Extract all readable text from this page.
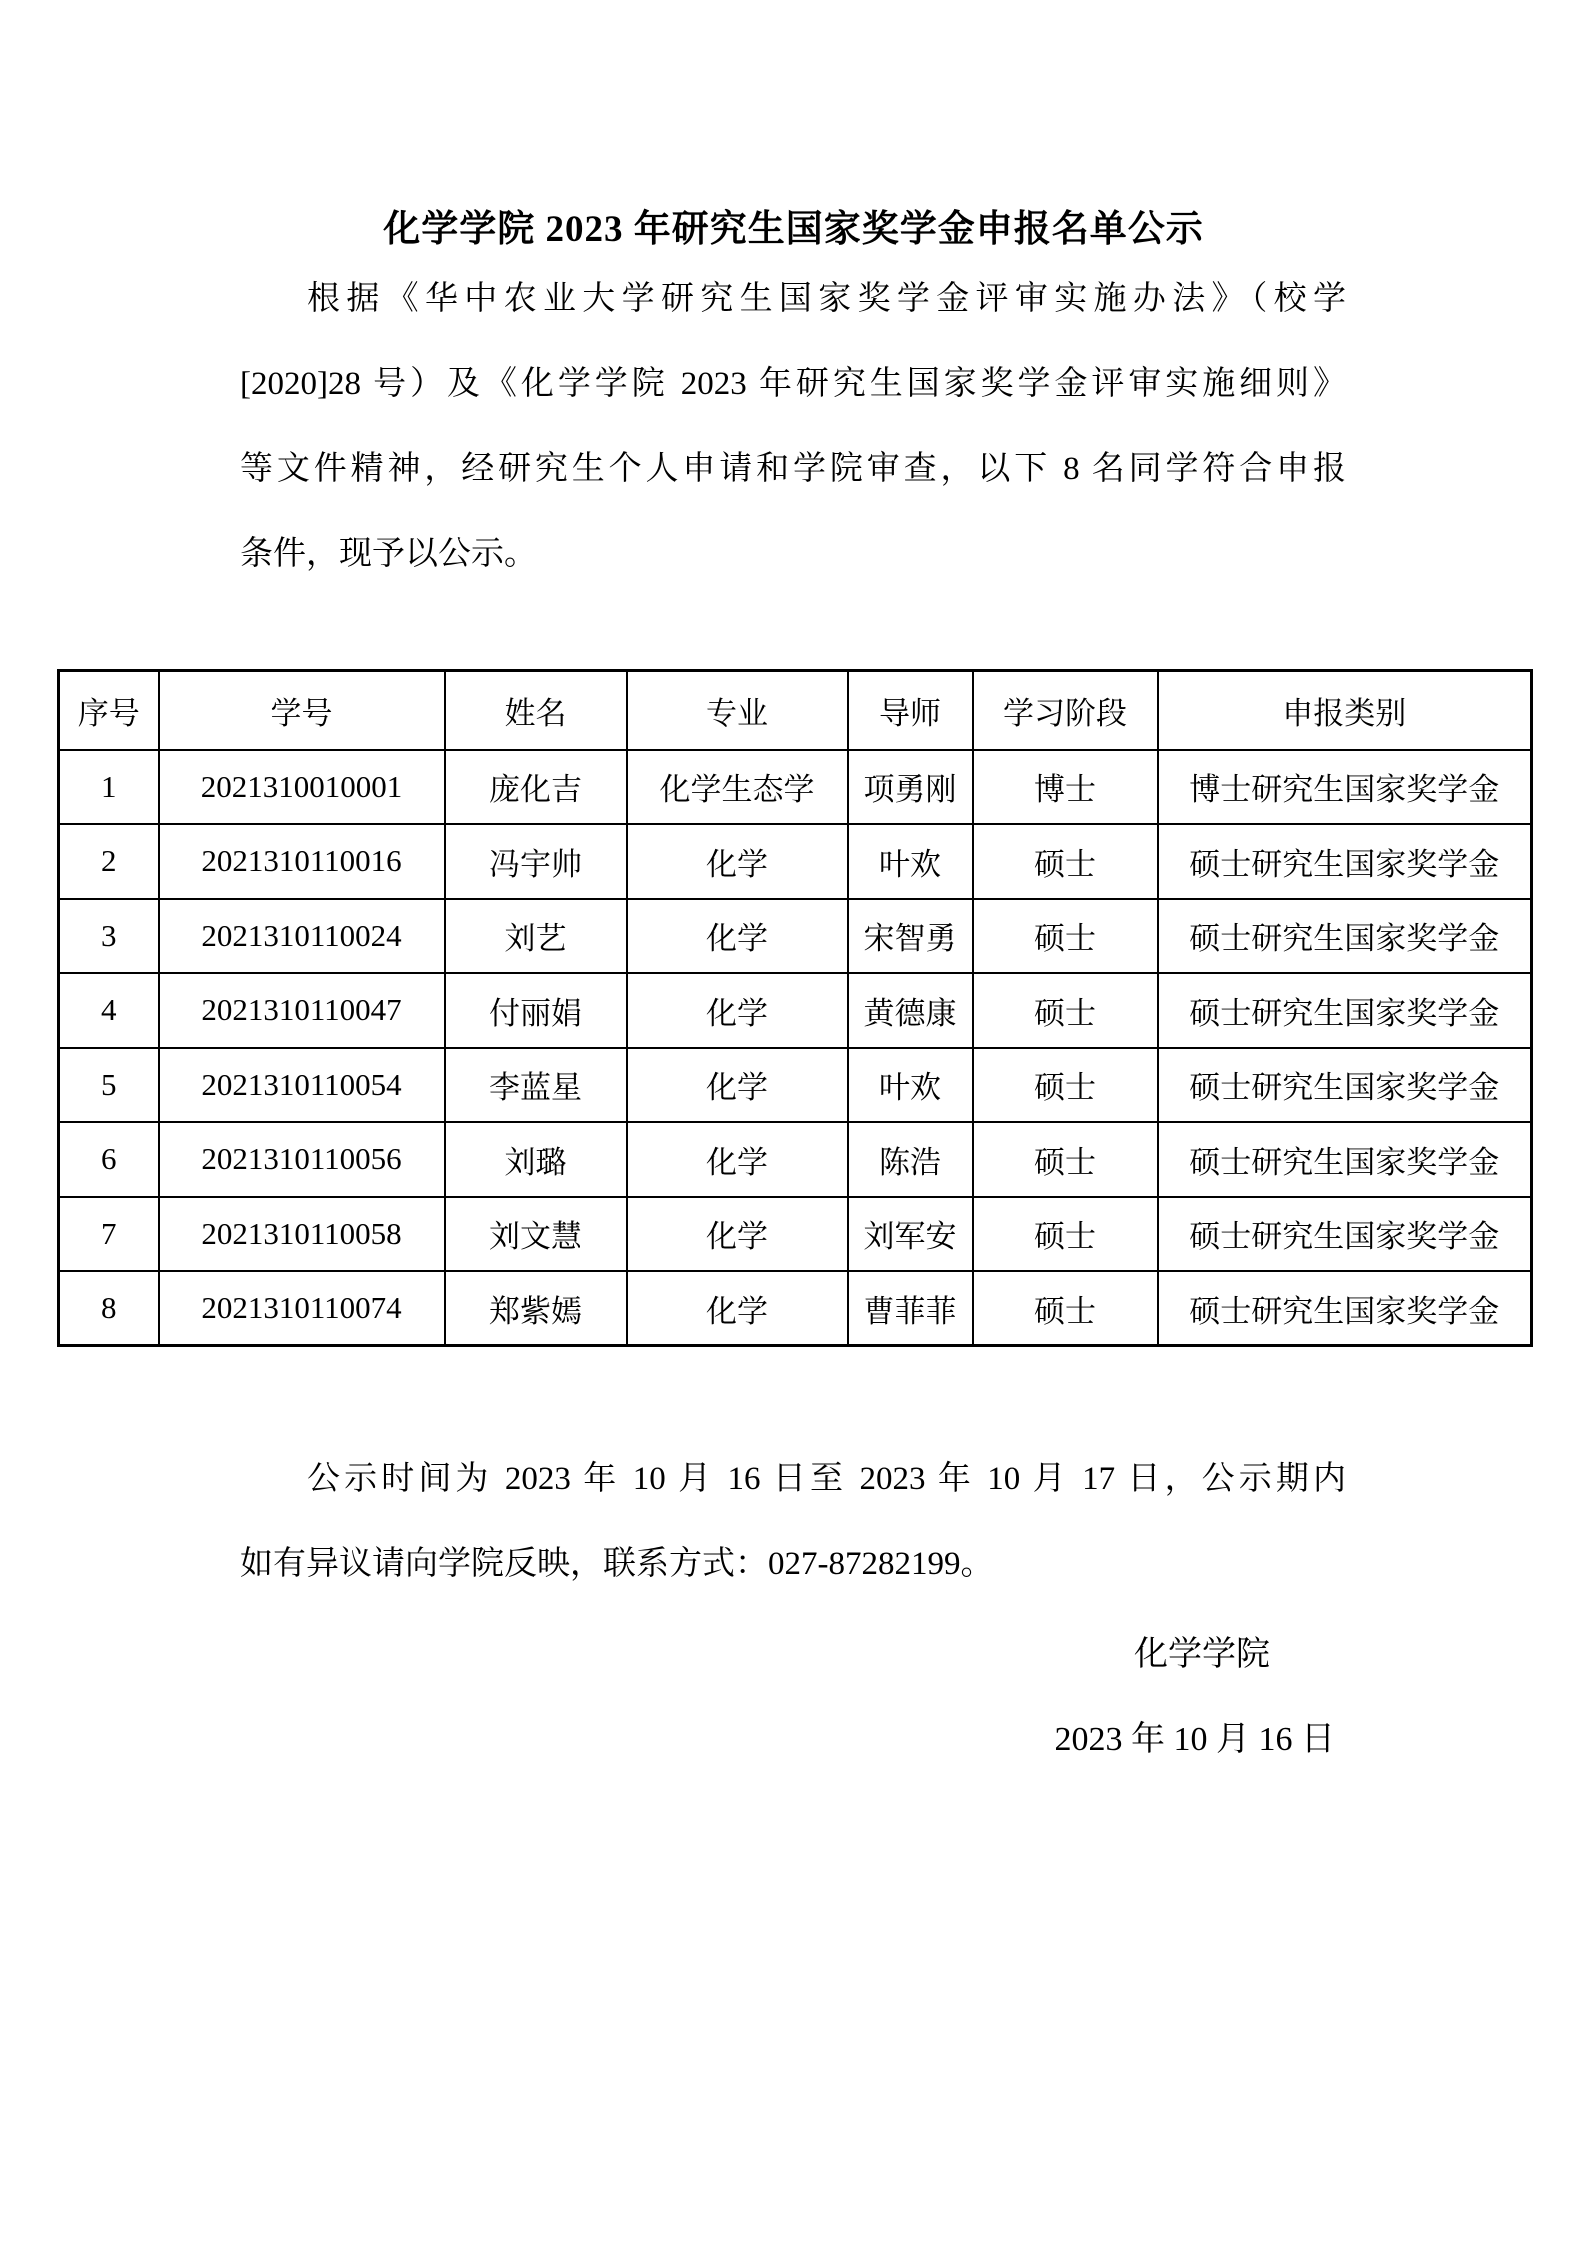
化学学院 2023 年研究生国家奖学金申报名单公示
根据《华中农业大学研究生国家奖学金评审实施办法》（校学
[2020]28 号）及《化学学院 2023 年研究生国家奖学金评审实施细则》
等文件精神，经研究生个人申请和学院审查，以下 8 名同学符合申报
条件，现予以公示。
序号	学号	姓名	专业	导师	学习阶段	申报类别
1	2021310010001	庞化吉	化学生态学	项勇刚	博士	博士研究生国家奖学金
2	2021310110016	冯宇帅	化学	叶欢	硕士	硕士研究生国家奖学金
3	2021310110024	刘艺	化学	宋智勇	硕士	硕士研究生国家奖学金
4	2021310110047	付丽娟	化学	黄德康	硕士	硕士研究生国家奖学金
5	2021310110054	李蓝星	化学	叶欢	硕士	硕士研究生国家奖学金
6	2021310110056	刘璐	化学	陈浩	硕士	硕士研究生国家奖学金
7	2021310110058	刘文慧	化学	刘军安	硕士	硕士研究生国家奖学金
8	2021310110074	郑紫嫣	化学	曹菲菲	硕士	硕士研究生国家奖学金
公示时间为 2023 年 10 月 16 日至 2023 年 10 月 17 日，公示期内
如有异议请向学院反映，联系方式：027-87282199。
化学学院
2023 年 10 月 16 日
